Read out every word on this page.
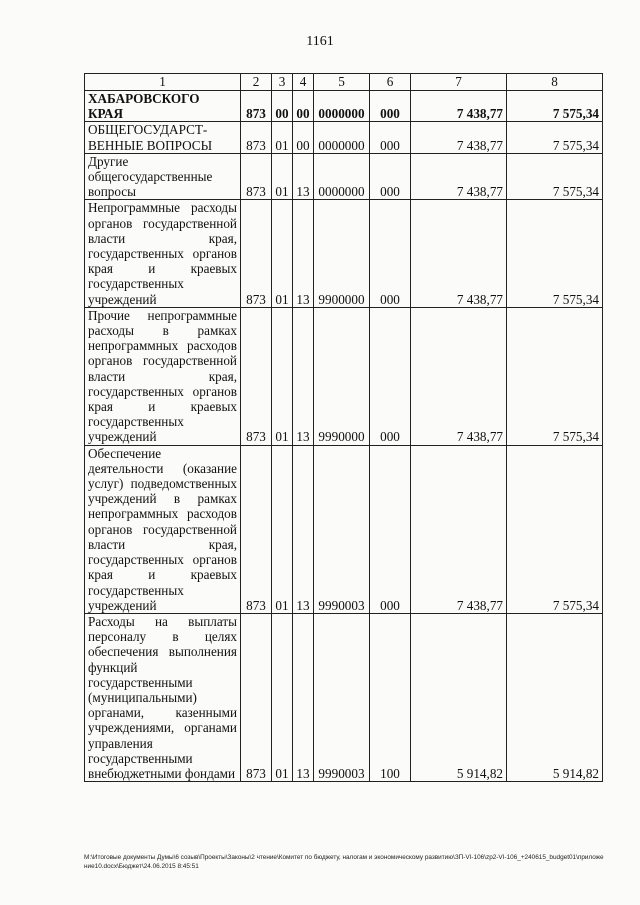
1161
1	2	3	4	5	6	7	8
ХАБАРОВСКОГО КРАЯ	873	00	00	0000000	000	7 438,77	7 575,34
ОБЩЕГОСУДАРСТ-ВЕННЫЕ ВОПРОСЫ	873	01	00	0000000	000	7 438,77	7 575,34
Другие общегосударственные вопросы	873	01	13	0000000	000	7 438,77	7 575,34
Непрограммные расходы органов государственной власти края, государственных органов края и краевых государственных учреждений	873	01	13	9900000	000	7 438,77	7 575,34
Прочие непрограммные расходы в рамках непрограммных расходов органов государственной власти края, государственных органов края и краевых государственных учреждений	873	01	13	9990000	000	7 438,77	7 575,34
Обеспечение деятельности (оказание услуг) подведомственных учреждений в рамках непрограммных расходов органов государственной власти края, государственных органов края и краевых государственных учреждений	873	01	13	9990003	000	7 438,77	7 575,34
Расходы на выплаты персоналу в целях обеспечения выполнения функций государственными (муниципальными) органами, казенными учреждениями, органами управления государственными внебюджетными фондами	873	01	13	9990003	100	5 914,82	5 914,82
M:\Итоговые документы Думы\6 созыв\Проекты\Законы\2 чтение\Комитет по бюджету, налогам и экономическому развитию\ЗП-VI-106\zp2-VI-106_+240615_budget01\приложение10.docx\Бюджет\24.06.2015 8:45:51
